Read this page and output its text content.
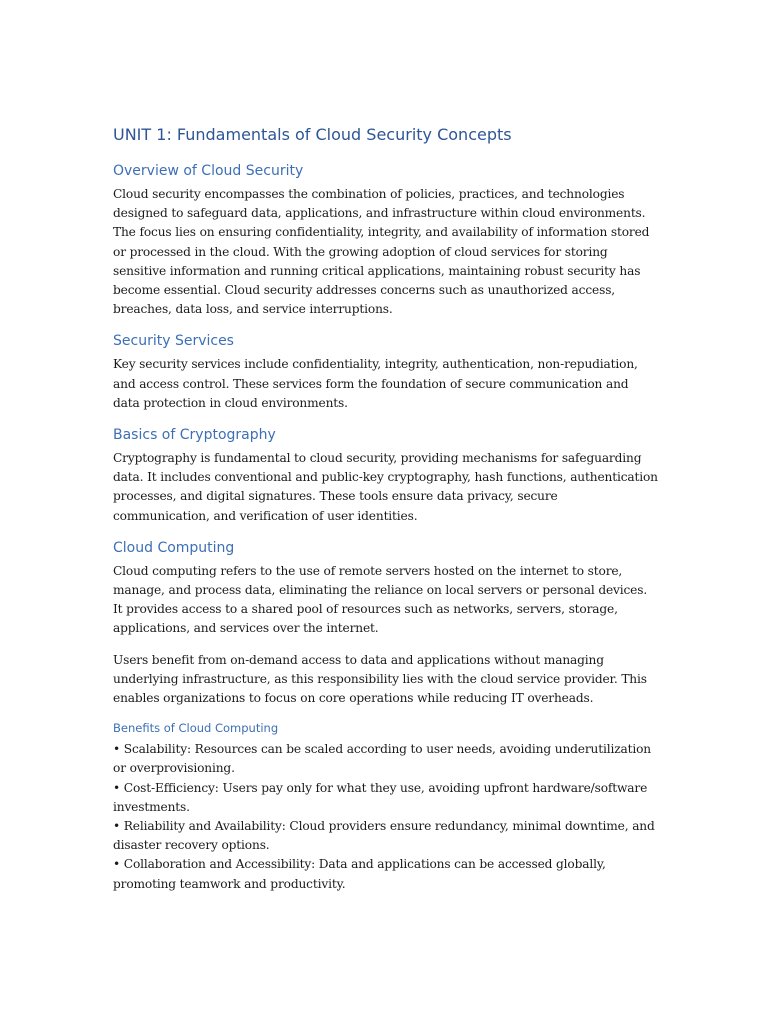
UNIT 1: Fundamentals of Cloud Security Concepts
Overview of Cloud Security

Cloud security encompasses the combination of policies, practices, and technologies designed to safeguard data, applications, and infrastructure within cloud environments. The focus lies on ensuring confidentiality, integrity, and availability of information stored or processed in the cloud. With the growing adoption of cloud services for storing sensitive information and running critical applications, maintaining robust security has become essential. Cloud security addresses concerns such as unauthorized access, breaches, data loss, and service interruptions.

Security Services

Key security services include confidentiality, integrity, authentication, non-repudiation, and access control. These services form the foundation of secure communication and data protection in cloud environments.

Basics of Cryptography

Cryptography is fundamental to cloud security, providing mechanisms for safeguarding data. It includes conventional and public-key cryptography, hash functions, authentication processes, and digital signatures. These tools ensure data privacy, secure communication, and verification of user identities.

Cloud Computing

Cloud computing refers to the use of remote servers hosted on the internet to store, manage, and process data, eliminating the reliance on local servers or personal devices. It provides access to a shared pool of resources such as networks, servers, storage, applications, and services over the internet.

Users benefit from on-demand access to data and applications without managing underlying infrastructure, as this responsibility lies with the cloud service provider. This enables organizations to focus on core operations while reducing IT overheads.

Benefits of Cloud Computing
• Scalability: Resources can be scaled according to user needs, avoiding underutilization or overprovisioning.
• Cost-Efficiency: Users pay only for what they use, avoiding upfront hardware/software investments.
• Reliability and Availability: Cloud providers ensure redundancy, minimal downtime, and disaster recovery options.
• Collaboration and Accessibility: Data and applications can be accessed globally, promoting teamwork and productivity.
